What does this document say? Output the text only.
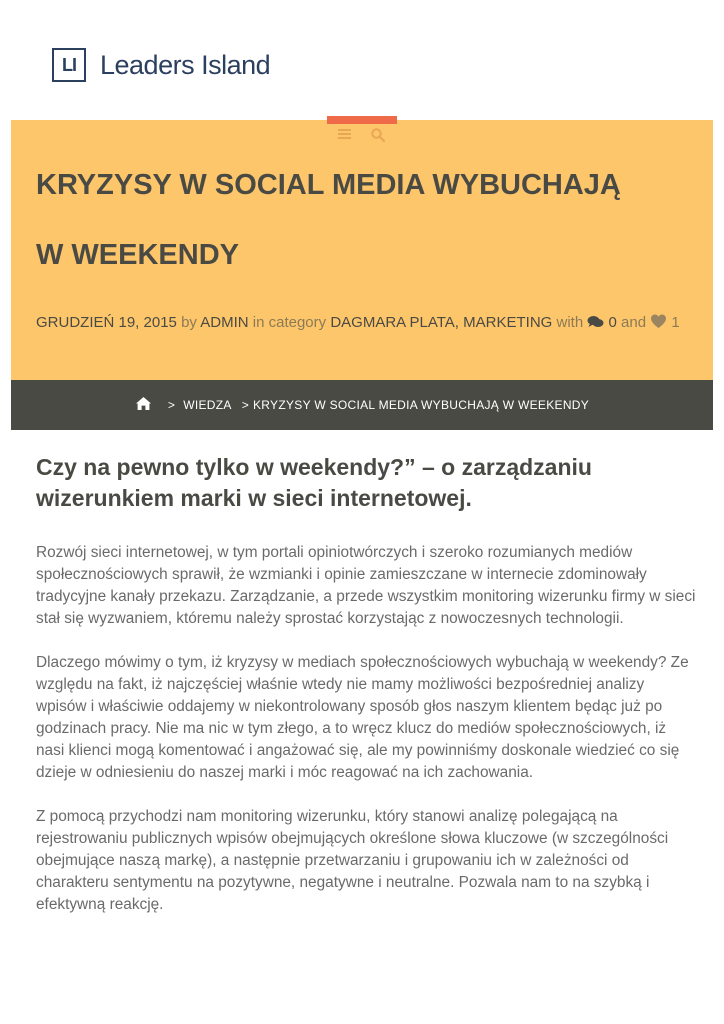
LI Leaders Island
KRYZYSY W SOCIAL MEDIA WYBUCHAJĄ
W WEEKENDY
GRUDZIEŃ 19, 2015 by ADMIN in category DAGMARA PLATA, MARKETING with 0 and 1
> WIEDZA > KRYZYSY W SOCIAL MEDIA WYBUCHAJĄ W WEEKENDY
Czy na pewno tylko w weekendy?” – o zarządzaniu wizerunkiem marki w sieci internetowej.

Rozwój sieci internetowej, w tym portali opiniotwórczych i szeroko rozumianych mediów społecznościowych sprawił, że wzmianki i opinie zamieszczane w internecie zdominowały tradycyjne kanały przekazu. Zarządzanie, a przede wszystkim monitoring wizerunku firmy w sieci stał się wyzwaniem, któremu należy sprostać korzystając z nowoczesnych technologii.

Dlaczego mówimy o tym, iż kryzysy w mediach społecznościowych wybuchają w weekendy? Ze względu na fakt, iż najczęściej właśnie wtedy nie mamy możliwości bezpośredniej analizy wpisów i właściwie oddajemy w niekontrolowany sposób głos naszym klientem będąc już po godzinach pracy. Nie ma nic w tym złego, a to wręcz klucz do mediów społecznościowych, iż nasi klienci mogą komentować i angażować się, ale my powinniśmy doskonale wiedzieć co się dzieje w odniesieniu do naszej marki i móc reagować na ich zachowania.

Z pomocą przychodzi nam monitoring wizerunku, który stanowi analizę polegającą na rejestrowaniu publicznych wpisów obejmujących określone słowa kluczowe (w szczególności obejmujące naszą markę), a następnie przetwarzaniu i grupowaniu ich w zależności od charakteru sentymentu na pozytywne, negatywne i neutralne. Pozwala nam to na szybką i efektywną reakcję.
